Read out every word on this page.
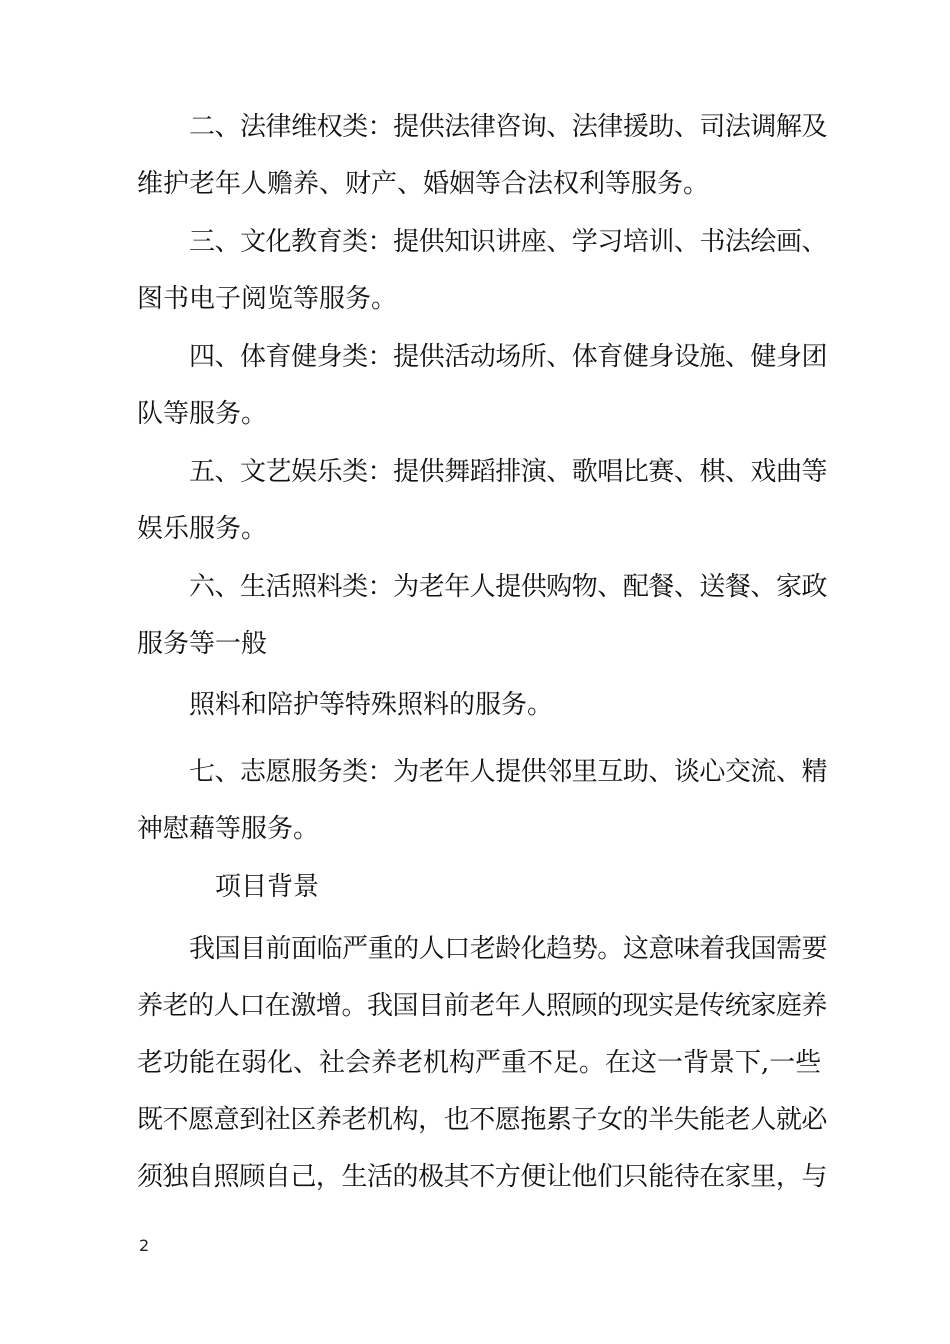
二、法律维权类：提供法律咨询、法律援助、司法调解及
维护老年人赡养、财产、婚姻等合法权利等服务。
三、文化教育类：提供知识讲座、学习培训、书法绘画、
图书电子阅览等服务。
四、体育健身类：提供活动场所、体育健身设施、健身团
队等服务。
五、文艺娱乐类：提供舞蹈排演、歌唱比赛、棋、戏曲等
娱乐服务。
六、生活照料类：为老年人提供购物、配餐、送餐、家政
服务等一般
照料和陪护等特殊照料的服务。
七、志愿服务类：为老年人提供邻里互助、谈心交流、精
神慰藉等服务。
项目背景
我国目前面临严重的人口老龄化趋势。这意味着我国需要
养老的人口在激增。我国目前老年人照顾的现实是传统家庭养
老功能在弱化、社会养老机构严重不足。在这一背景下,一些
既不愿意到社区养老机构，也不愿拖累子女的半失能老人就必
须独自照顾自己，生活的极其不方便让他们只能待在家里，与
2
